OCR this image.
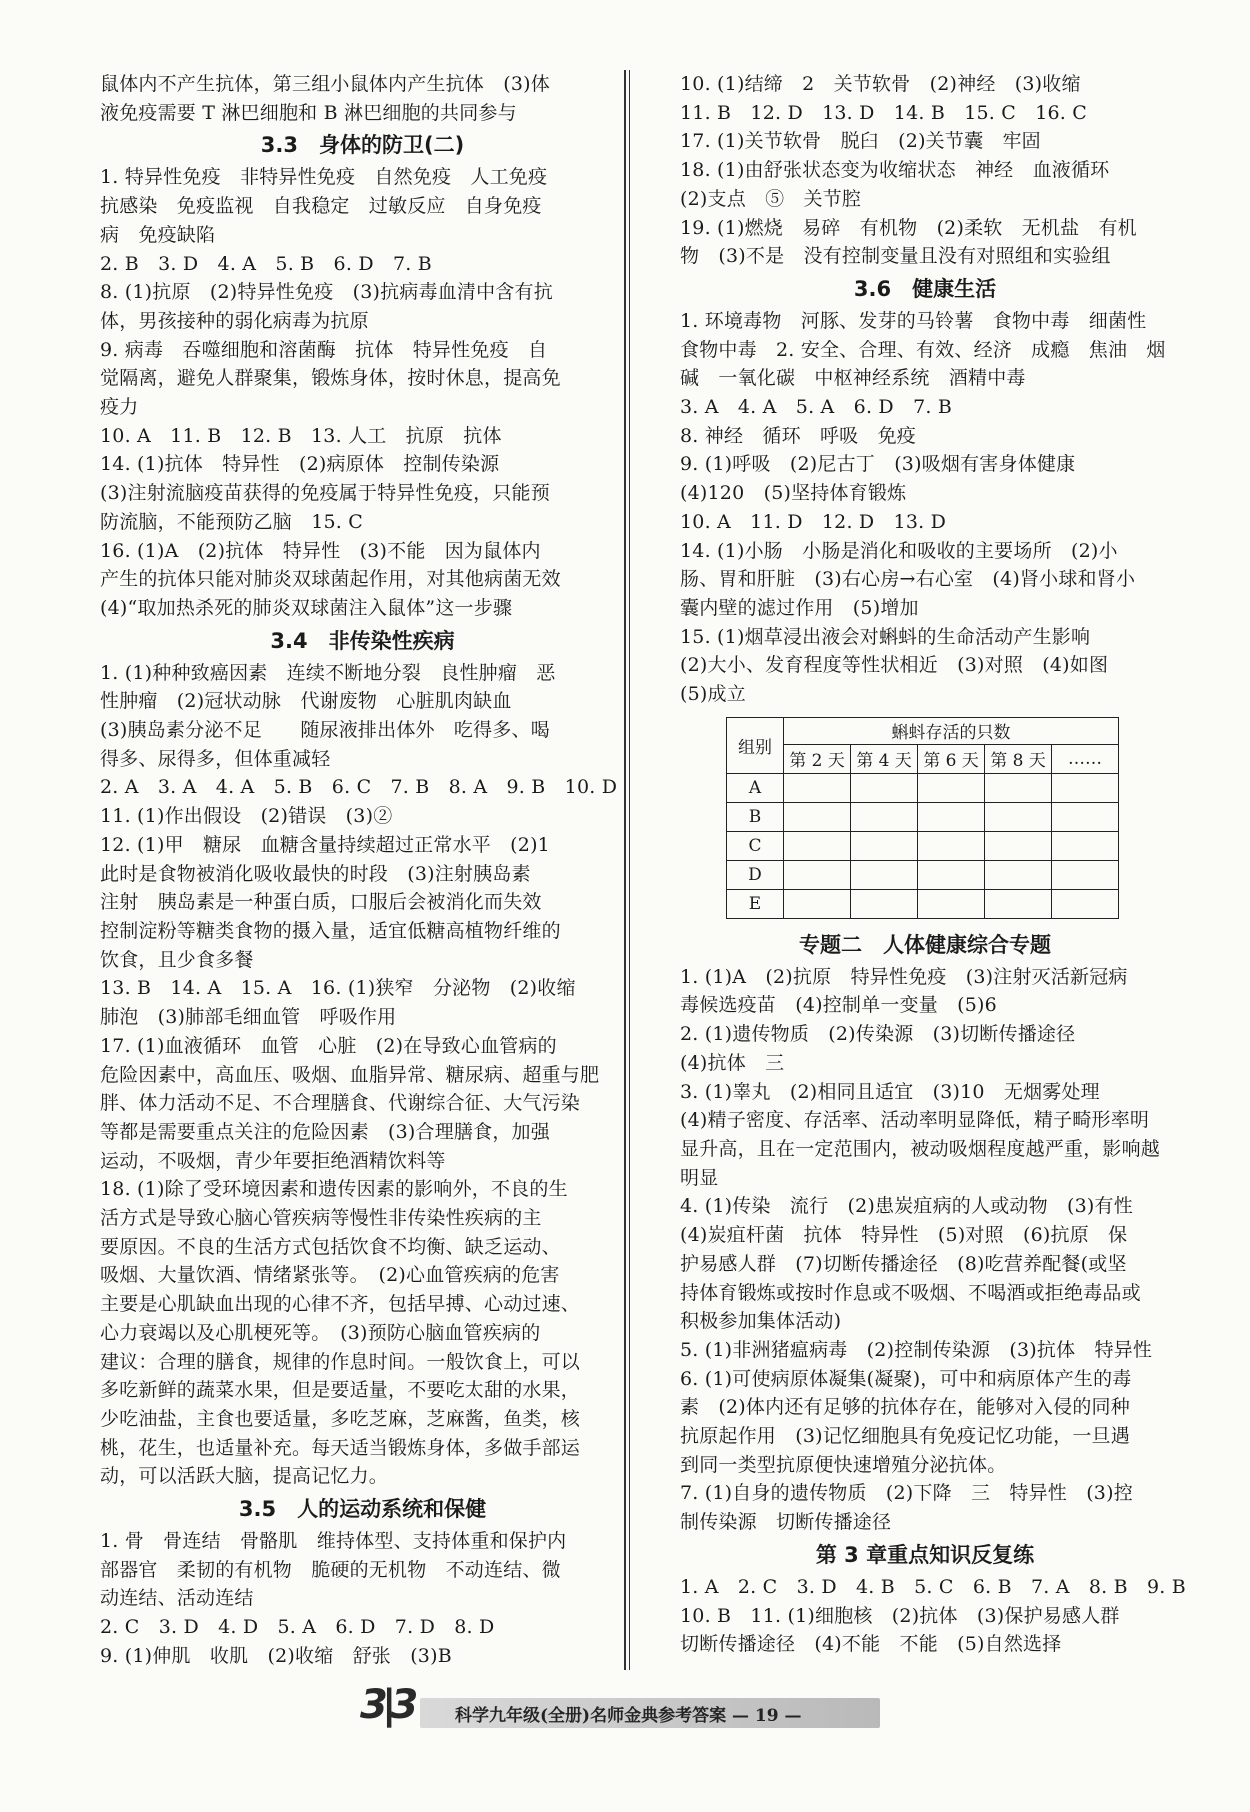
鼠体内不产生抗体，第三组小鼠体内产生抗体　(3)体
液免疫需要 T 淋巴细胞和 B 淋巴细胞的共同参与
3.3　身体的防卫(二)
1. 特异性免疫　非特异性免疫　自然免疫　人工免疫
抗感染　免疫监视　自我稳定　过敏反应　自身免疫
病　免疫缺陷
2. B　3. D　4. A　5. B　6. D　7. B
8. (1)抗原　(2)特异性免疫　(3)抗病毒血清中含有抗
体，男孩接种的弱化病毒为抗原
9. 病毒　吞噬细胞和溶菌酶　抗体　特异性免疫　自
觉隔离，避免人群聚集，锻炼身体，按时休息，提高免
疫力
10. A　11. B　12. B　13. 人工　抗原　抗体
14. (1)抗体　特异性　(2)病原体　控制传染源
(3)注射流脑疫苗获得的免疫属于特异性免疫，只能预
防流脑，不能预防乙脑　15. C
16. (1)A　(2)抗体　特异性　(3)不能　因为鼠体内
产生的抗体只能对肺炎双球菌起作用，对其他病菌无效
(4)“取加热杀死的肺炎双球菌注入鼠体”这一步骤
3.4　非传染性疾病
1. (1)种种致癌因素　连续不断地分裂　良性肿瘤　恶
性肿瘤　(2)冠状动脉　代谢废物　心脏肌肉缺血
(3)胰岛素分泌不足　　随尿液排出体外　吃得多、喝
得多、尿得多，但体重减轻
2. A　3. A　4. A　5. B　6. C　7. B　8. A　9. B　10. D
11. (1)作出假设　(2)错误　(3)②
12. (1)甲　糖尿　血糖含量持续超过正常水平　(2)1
此时是食物被消化吸收最快的时段　(3)注射胰岛素
注射　胰岛素是一种蛋白质，口服后会被消化而失效
控制淀粉等糖类食物的摄入量，适宜低糖高植物纤维的
饮食，且少食多餐
13. B　14. A　15. A　16. (1)狭窄　分泌物　(2)收缩
肺泡　(3)肺部毛细血管　呼吸作用
17. (1)血液循环　血管　心脏　(2)在导致心血管病的
危险因素中，高血压、吸烟、血脂异常、糖尿病、超重与肥
胖、体力活动不足、不合理膳食、代谢综合征、大气污染
等都是需要重点关注的危险因素　(3)合理膳食，加强
运动，不吸烟，青少年要拒绝酒精饮料等
18. (1)除了受环境因素和遗传因素的影响外，不良的生
活方式是导致心脑心管疾病等慢性非传染性疾病的主
要原因。不良的生活方式包括饮食不均衡、缺乏运动、
吸烟、大量饮酒、情绪紧张等。　(2)心血管疾病的危害
主要是心肌缺血出现的心律不齐，包括早搏、心动过速、
心力衰竭以及心肌梗死等。　(3)预防心脑血管疾病的
建议：合理的膳食，规律的作息时间。一般饮食上，可以
多吃新鲜的蔬菜水果，但是要适量，不要吃太甜的水果，
少吃油盐，主食也要适量，多吃芝麻，芝麻酱，鱼类，核
桃，花生，也适量补充。每天适当锻炼身体，多做手部运
动，可以活跃大脑，提高记忆力。
3.5　人的运动系统和保健
1. 骨　骨连结　骨骼肌　维持体型、支持体重和保护内
部器官　柔韧的有机物　脆硬的无机物　不动连结、微
动连结、活动连结
2. C　3. D　4. D　5. A　6. D　7. D　8. D
9. (1)伸肌　收肌　(2)收缩　舒张　(3)B
10. (1)结缔　2　关节软骨　(2)神经　(3)收缩
11. B　12. D　13. D　14. B　15. C　16. C
17. (1)关节软骨　脱臼　(2)关节囊　牢固
18. (1)由舒张状态变为收缩状态　神经　血液循环
(2)支点　⑤　关节腔
19. (1)燃烧　易碎　有机物　(2)柔软　无机盐　有机
物　(3)不是　没有控制变量且没有对照组和实验组
3.6　健康生活
1. 环境毒物　河豚、发芽的马铃薯　食物中毒　细菌性
食物中毒　2. 安全、合理、有效、经济　成瘾　焦油　烟
碱　一氧化碳　中枢神经系统　酒精中毒
3. A　4. A　5. A　6. D　7. B
8. 神经　循环　呼吸　免疫
9. (1)呼吸　(2)尼古丁　(3)吸烟有害身体健康
(4)120　(5)坚持体育锻炼
10. A　11. D　12. D　13. D
14. (1)小肠　小肠是消化和吸收的主要场所　(2)小
肠、胃和肝脏　(3)右心房→右心室　(4)肾小球和肾小
囊内壁的滤过作用　(5)增加
15. (1)烟草浸出液会对蝌蚪的生命活动产生影响
(2)大小、发育程度等性状相近　(3)对照　(4)如图
(5)成立
组别	蝌蚪存活的只数				
	第 2 天	第 4 天	第 6 天	第 8 天	……
A					
B					
C					
D					
E					
专题二　人体健康综合专题
1. (1)A　(2)抗原　特异性免疫　(3)注射灭活新冠病
毒候选疫苗　(4)控制单一变量　(5)6
2. (1)遗传物质　(2)传染源　(3)切断传播途径
(4)抗体　三
3. (1)睾丸　(2)相同且适宜　(3)10　无烟雾处理
(4)精子密度、存活率、活动率明显降低，精子畸形率明
显升高，且在一定范围内，被动吸烟程度越严重，影响越
明显
4. (1)传染　流行　(2)患炭疽病的人或动物　(3)有性
(4)炭疽杆菌　抗体　特异性　(5)对照　(6)抗原　保
护易感人群　(7)切断传播途径　(8)吃营养配餐(或坚
持体育锻炼或按时作息或不吸烟、不喝酒或拒绝毒品或
积极参加集体活动)
5. (1)非洲猪瘟病毒　(2)控制传染源　(3)抗体　特异性
6. (1)可使病原体凝集(凝聚)，可中和病原体产生的毒
素　(2)体内还有足够的抗体存在，能够对入侵的同种
抗原起作用　(3)记忆细胞具有免疫记忆功能，一旦遇
到同一类型抗原便快速增殖分泌抗体。
7. (1)自身的遗传物质　(2)下降　三　特异性　(3)控
制传染源　切断传播途径
第 3 章重点知识反复练
1. A　2. C　3. D　4. B　5. C　6. B　7. A　8. B　9. B
10. B　11. (1)细胞核　(2)抗体　(3)保护易感人群
切断传播途径　(4)不能　不能　(5)自然选择
3|3	科学九年级(全册)名师金典参考答案 — 19 —
